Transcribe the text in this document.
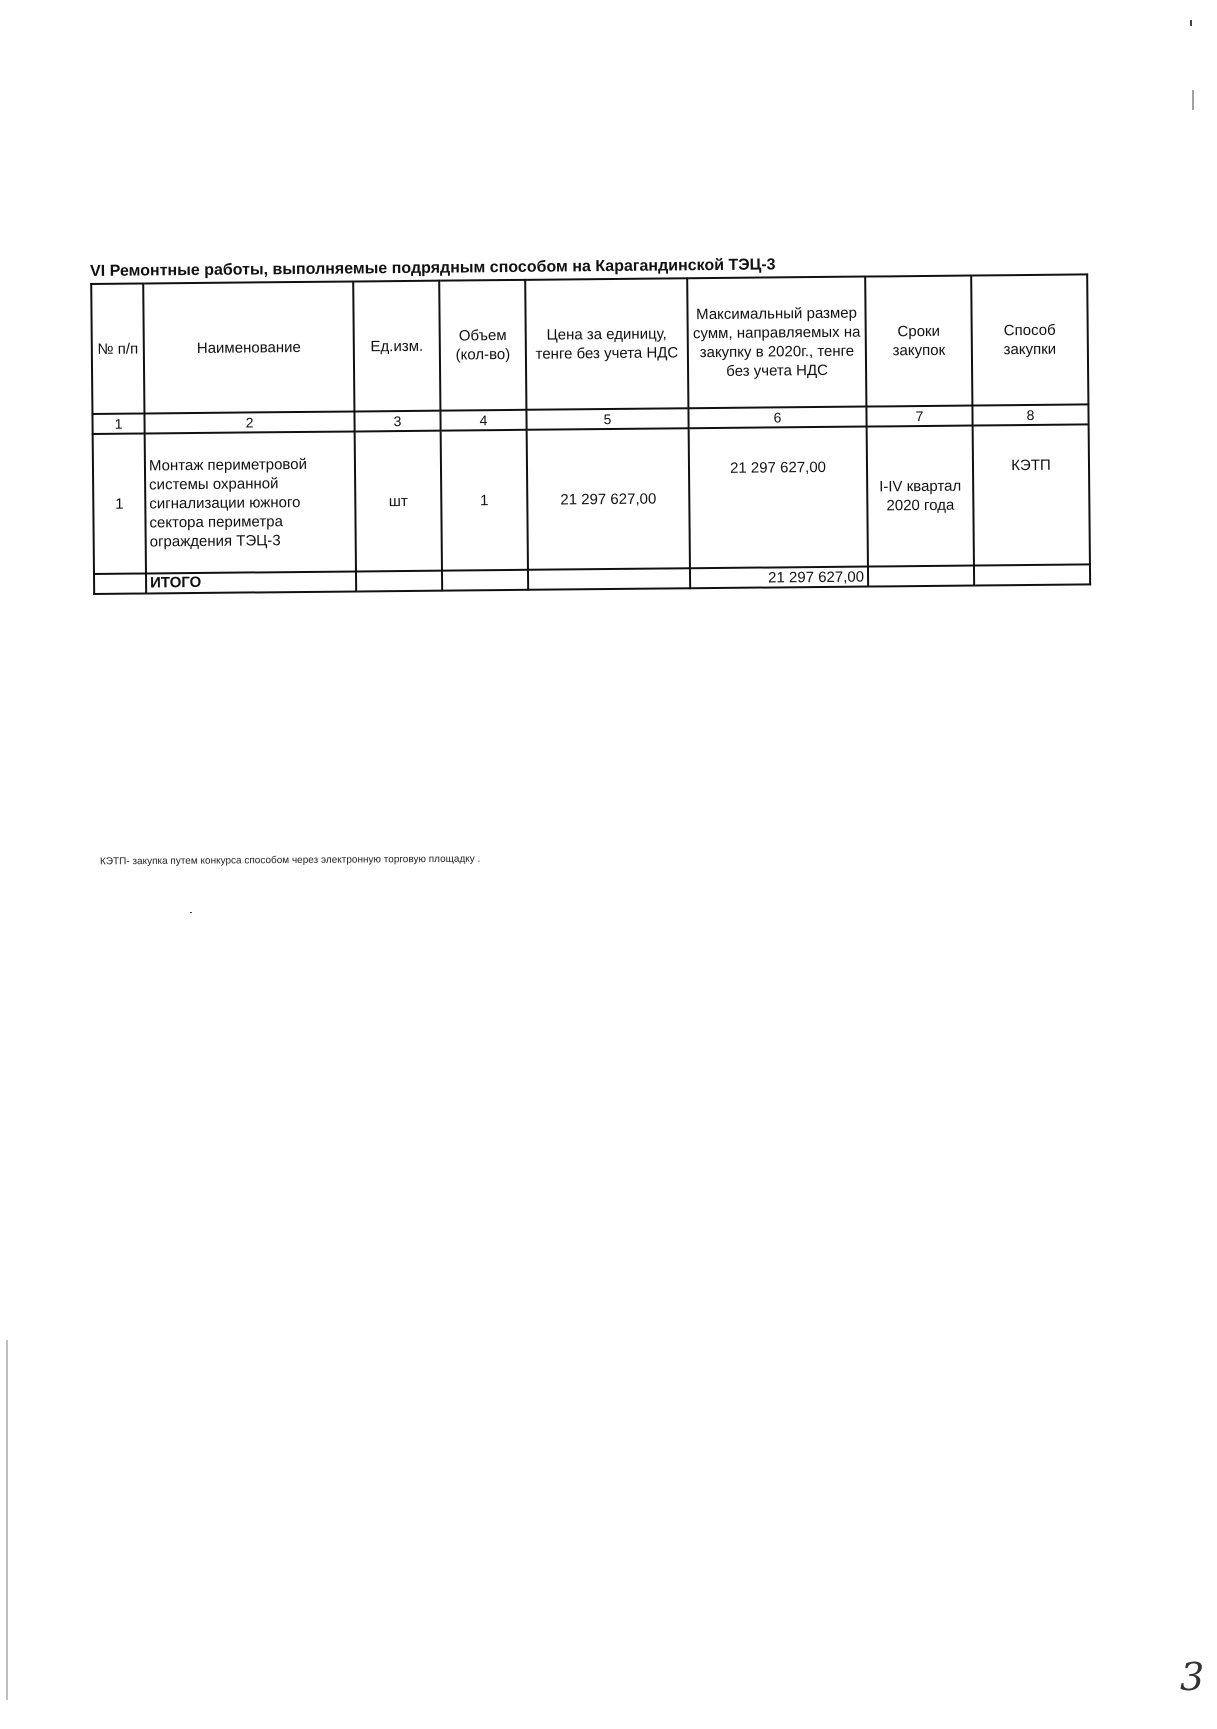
VI Ремонтные работы, выполняемые подрядным способом на Карагандинской ТЭЦ-3
№ п/п	Наименование	Ед.изм.	Объем (кол-во)	Цена за единицу, тенге без учета НДС	Максимальный размер сумм, направляемых на закупку в 2020г., тенге без учета НДС	Сроки закупок	Способ закупки
1	2	3	4	5	6	7	8
1	Монтаж периметровой системы охранной сигнализации южного сектора периметра ограждения ТЭЦ-3	шт	1	21 297 627,00	21 297 627,00	I-IV квартал 2020 года	КЭТП
	ИТОГО				21 297 627,00		
КЭТП- закупка путем конкурса способом через электронную торговую площадку .
3
